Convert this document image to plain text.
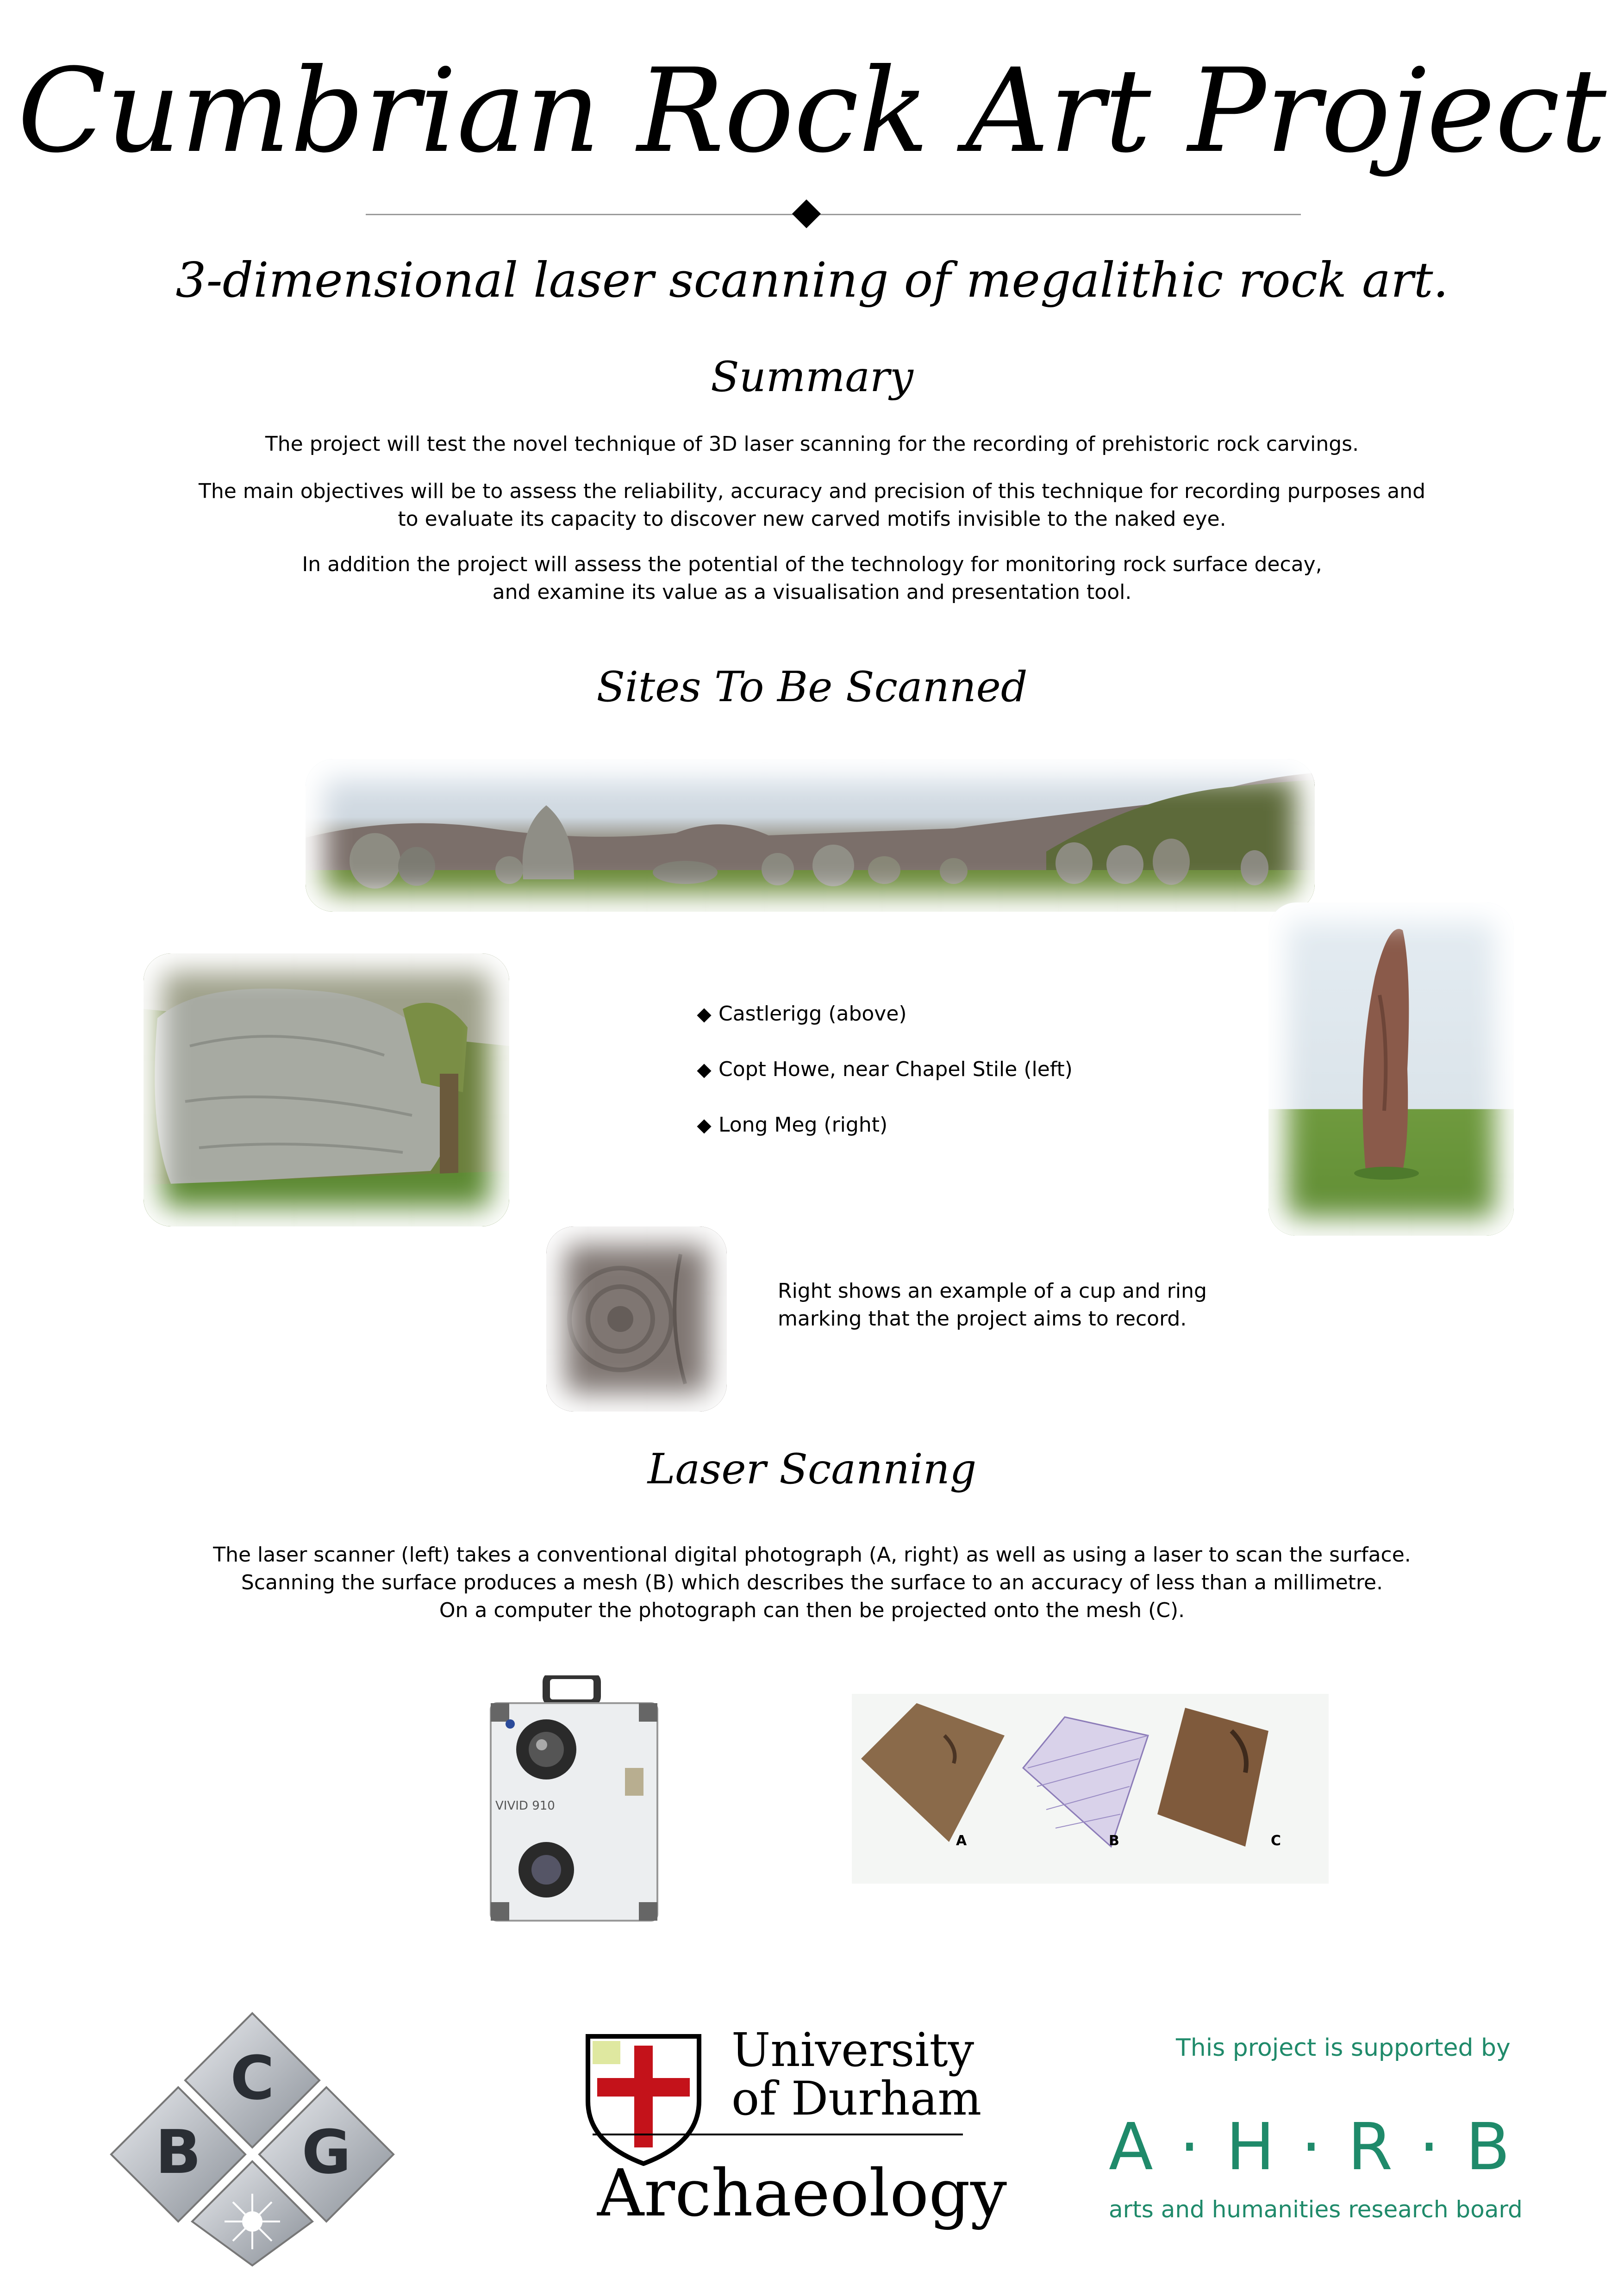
Cumbrian Rock Art Project
3-dimensional laser scanning of megalithic rock art.
Summary
The project will test the novel technique of 3D laser scanning for the recording of prehistoric rock carvings.
The main objectives will be to assess the reliability, accuracy and precision of this technique for recording purposes and
to evaluate its capacity to discover new carved motifs invisible to the naked eye.
In addition the project will assess the potential of the technology for monitoring rock surface decay,
and examine its value as a visualisation and presentation tool.
Sites To Be Scanned
Castlerigg (above)
Copt Howe, near Chapel Stile (left)
Long Meg (right)
Right shows an example of a cup and ring
marking that the project aims to record.
Laser Scanning
The laser scanner (left) takes a conventional digital photograph (A, right) as well as using a laser to scan the surface.
Scanning the surface produces a mesh (B) which describes the surface to an accuracy of less than a millimetre.
On a computer the photograph can then be projected onto the mesh (C).
VIVID 910
A	B	C
C
B G
University
of Durham
Archaeology
This project is supported by
A · H · R · B
arts and humanities research board
